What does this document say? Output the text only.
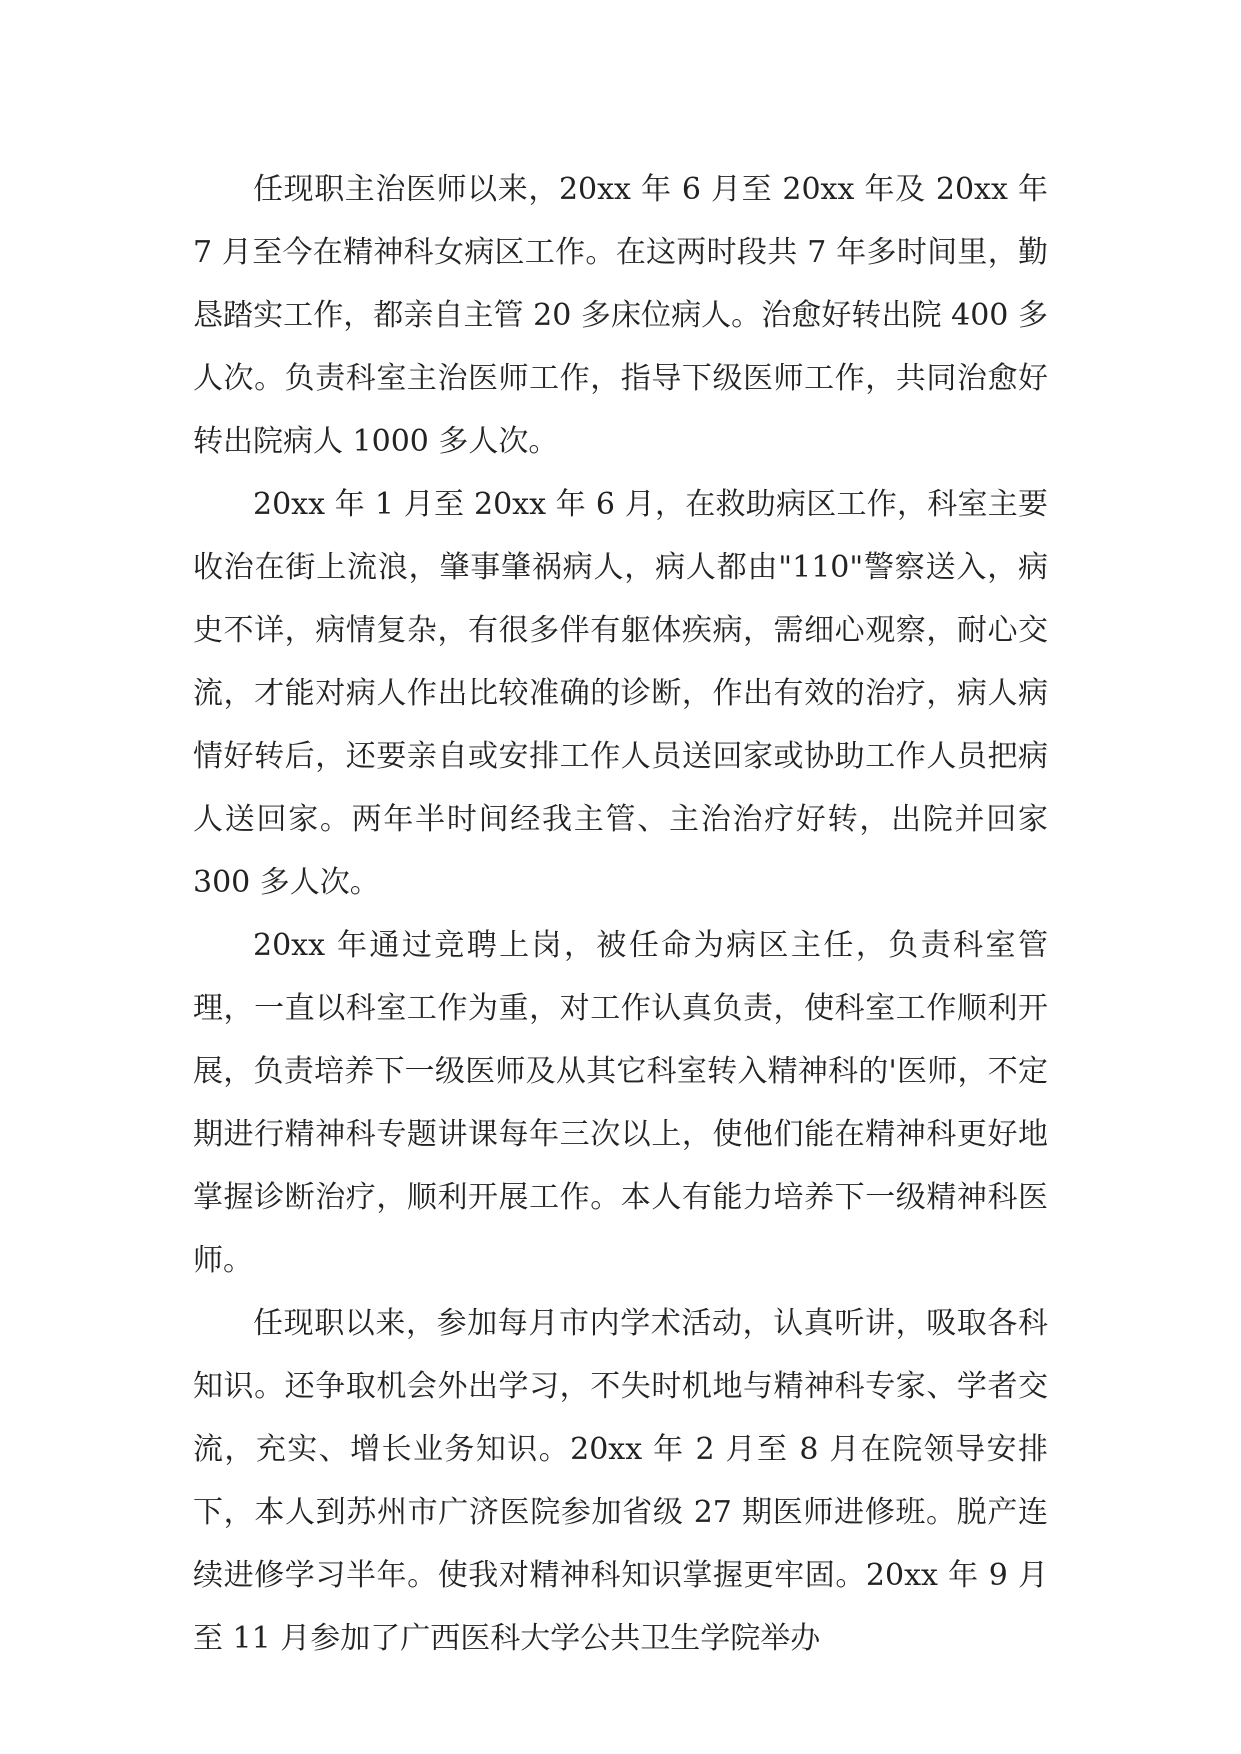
任现职主治医师以来，20xx 年 6 月至 20xx 年及 20xx 年 7 月至今在精神科女病区工作。在这两时段共 7 年多时间里，勤恳踏实工作，都亲自主管 20 多床位病人。治愈好转出院 400 多人次。负责科室主治医师工作，指导下级医师工作，共同治愈好转出院病人 1000 多人次。

20xx 年 1 月至 20xx 年 6 月，在救助病区工作，科室主要收治在街上流浪，肇事肇祸病人，病人都由"110"警察送入，病史不详，病情复杂，有很多伴有躯体疾病，需细心观察，耐心交流，才能对病人作出比较准确的诊断，作出有效的治疗，病人病情好转后，还要亲自或安排工作人员送回家或协助工作人员把病人送回家。两年半时间经我主管、主治治疗好转，出院并回家 300 多人次。

20xx 年通过竞聘上岗，被任命为病区主任，负责科室管理，一直以科室工作为重，对工作认真负责，使科室工作顺利开展，负责培养下一级医师及从其它科室转入精神科的'医师，不定期进行精神科专题讲课每年三次以上，使他们能在精神科更好地掌握诊断治疗，顺利开展工作。本人有能力培养下一级精神科医师。

任现职以来，参加每月市内学术活动，认真听讲，吸取各科知识。还争取机会外出学习，不失时机地与精神科专家、学者交流，充实、增长业务知识。20xx 年 2 月至 8 月在院领导安排下，本人到苏州市广济医院参加省级 27 期医师进修班。脱产连续进修学习半年。使我对精神科知识掌握更牢固。20xx 年 9 月至 11 月参加了广西医科大学公共卫生学院举办
